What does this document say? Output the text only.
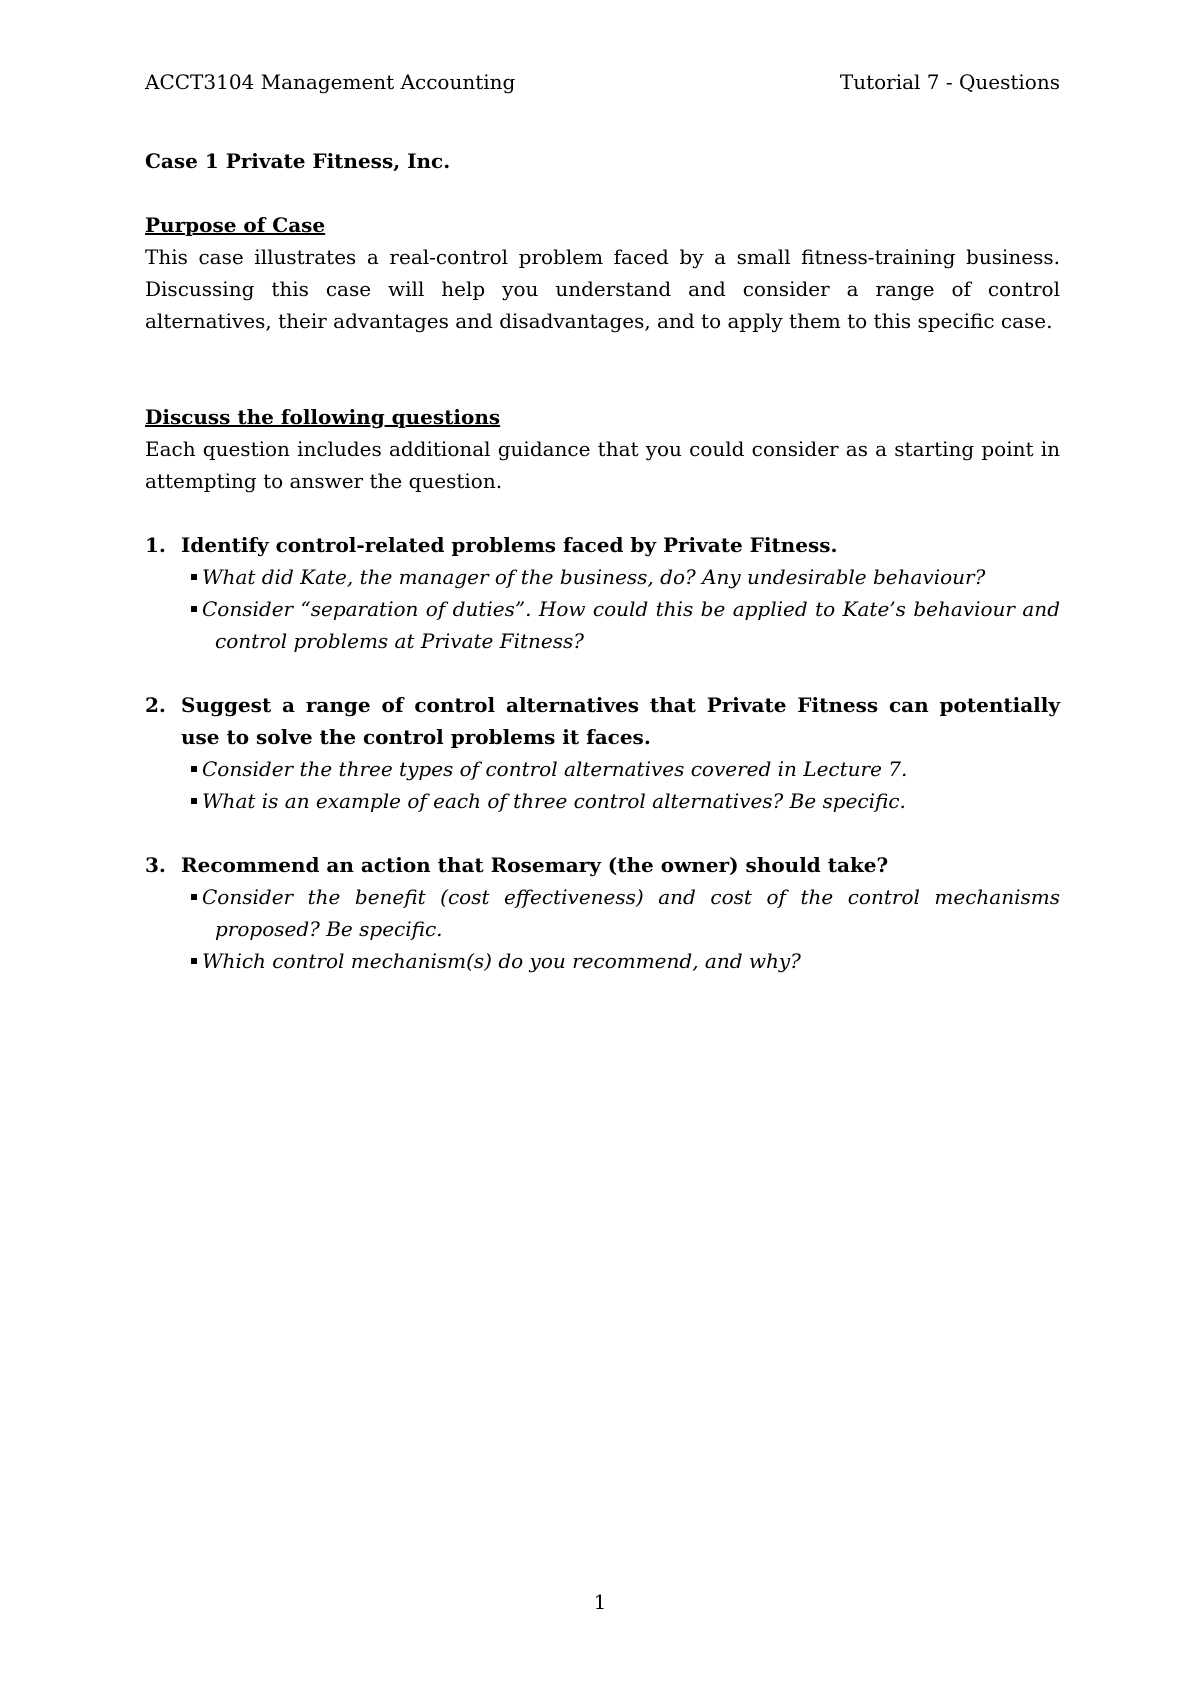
ACCT3104 Management Accounting	Tutorial 7 - Questions

Case 1 Private Fitness, Inc.

Purpose of Case

This case illustrates a real-control problem faced by a small fitness-training business. Discussing this case will help you understand and consider a range of control alternatives, their advantages and disadvantages, and to apply them to this specific case.

Discuss the following questions

Each question includes additional guidance that you could consider as a starting point in attempting to answer the question.

1. Identify control-related problems faced by Private Fitness.

What did Kate, the manager of the business, do? Any undesirable behaviour?

Consider “separation of duties”. How could this be applied to Kate’s behaviour and control problems at Private Fitness?

2. Suggest a range of control alternatives that Private Fitness can potentially use to solve the control problems it faces.

Consider the three types of control alternatives covered in Lecture 7.

What is an example of each of three control alternatives? Be specific.

3. Recommend an action that Rosemary (the owner) should take?

Consider the benefit (cost effectiveness) and cost of the control mechanisms proposed? Be specific.

Which control mechanism(s) do you recommend, and why?

1
